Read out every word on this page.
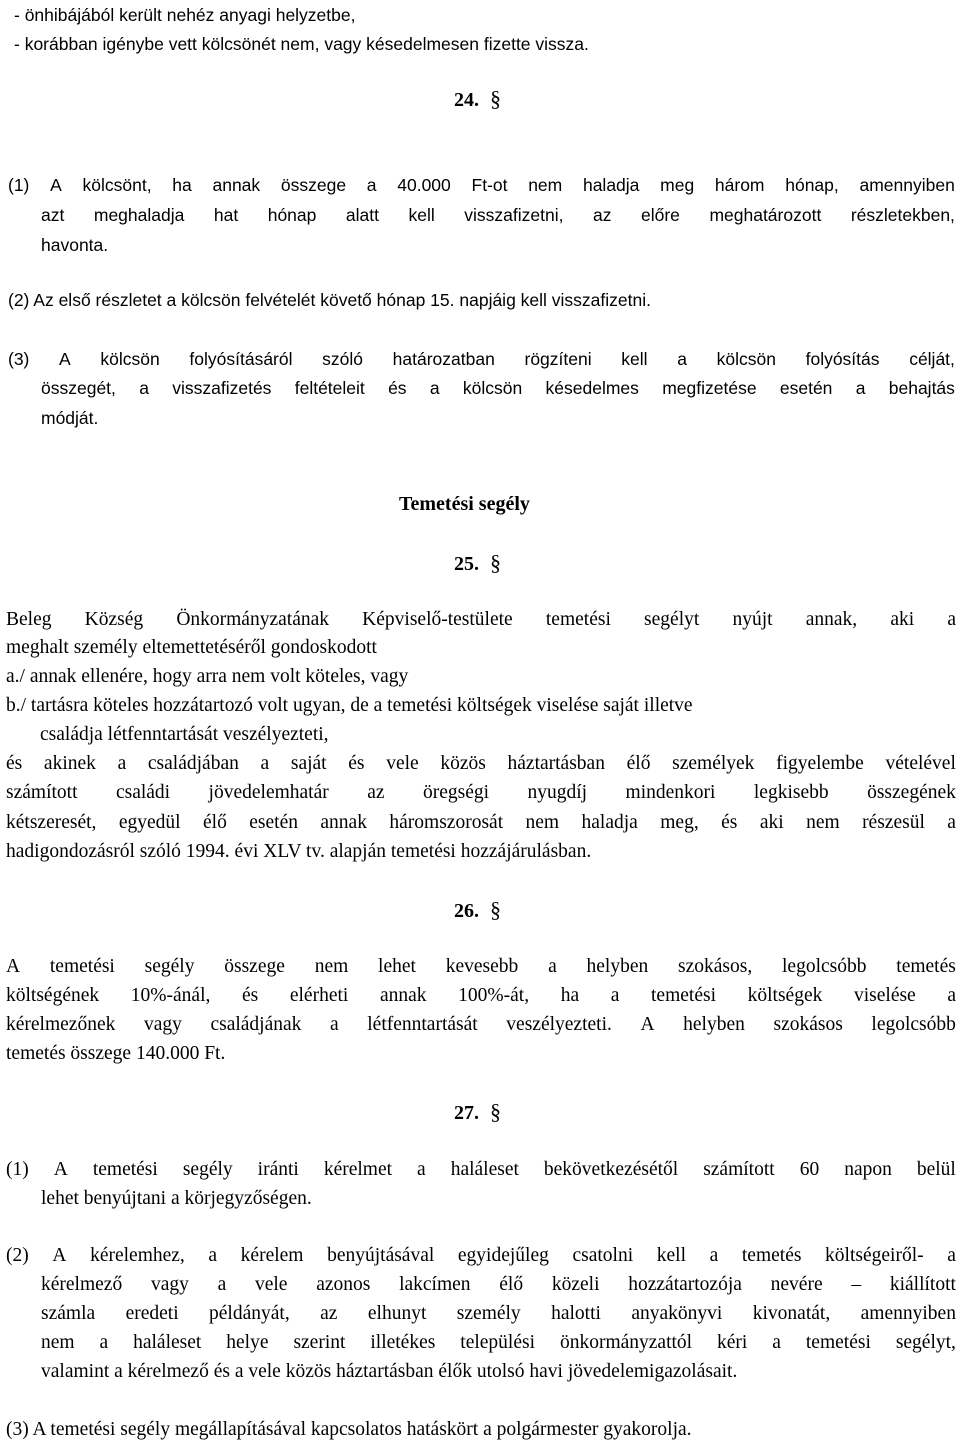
- önhibájából került nehéz anyagi helyzetbe,
- korábban igénybe vett kölcsönét nem, vagy késedelmesen fizette vissza.
24. §
(1) A kölcsönt, ha annak összege a 40.000 Ft-ot nem haladja meg három hónap, amennyiben
azt meghaladja hat hónap alatt kell visszafizetni, az előre meghatározott részletekben,
havonta.
(2) Az első részletet a kölcsön felvételét követő hónap 15. napjáig kell visszafizetni.
(3) A kölcsön folyósításáról szóló határozatban rögzíteni kell a kölcsön folyósítás célját,
összegét, a visszafizetés feltételeit és a kölcsön késedelmes megfizetése esetén a behajtás
módját.
Temetési segély
25. §
Beleg Község Önkormányzatának Képviselő-testülete temetési segélyt nyújt annak, aki a
meghalt személy eltemettetéséről gondoskodott
a./ annak ellenére, hogy arra nem volt köteles, vagy
b./ tartásra köteles hozzátartozó volt ugyan, de a temetési költségek viselése saját illetve
családja létfenntartását veszélyezteti,
és akinek a családjában a saját és vele közös háztartásban élő személyek figyelembe vételével
számított családi jövedelemhatár az öregségi nyugdíj mindenkori legkisebb összegének
kétszeresét, egyedül élő esetén annak háromszorosát nem haladja meg, és aki nem részesül a
hadigondozásról szóló 1994. évi XLV tv. alapján temetési hozzájárulásban.
26. §
A temetési segély összege nem lehet kevesebb a helyben szokásos, legolcsóbb temetés
költségének 10%-ánál, és elérheti annak 100%-át, ha a temetési költségek viselése a
kérelmezőnek vagy családjának a létfenntartását veszélyezteti. A helyben szokásos legolcsóbb
temetés összege 140.000 Ft.
27. §
(1) A temetési segély iránti kérelmet a haláleset bekövetkezésétől számított 60 napon belül
lehet benyújtani a körjegyzőségen.
(2) A kérelemhez, a kérelem benyújtásával egyidejűleg csatolni kell a temetés költségeiről- a
kérelmező vagy a vele azonos lakcímen élő közeli hozzátartozója nevére – kiállított
számla eredeti példányát, az elhunyt személy halotti anyakönyvi kivonatát, amennyiben
nem a haláleset helye szerint illetékes települési önkormányzattól kéri a temetési segélyt,
valamint a kérelmező és a vele közös háztartásban élők utolsó havi jövedelemigazolásait.
(3) A temetési segély megállapításával kapcsolatos hatáskört a polgármester gyakorolja.
